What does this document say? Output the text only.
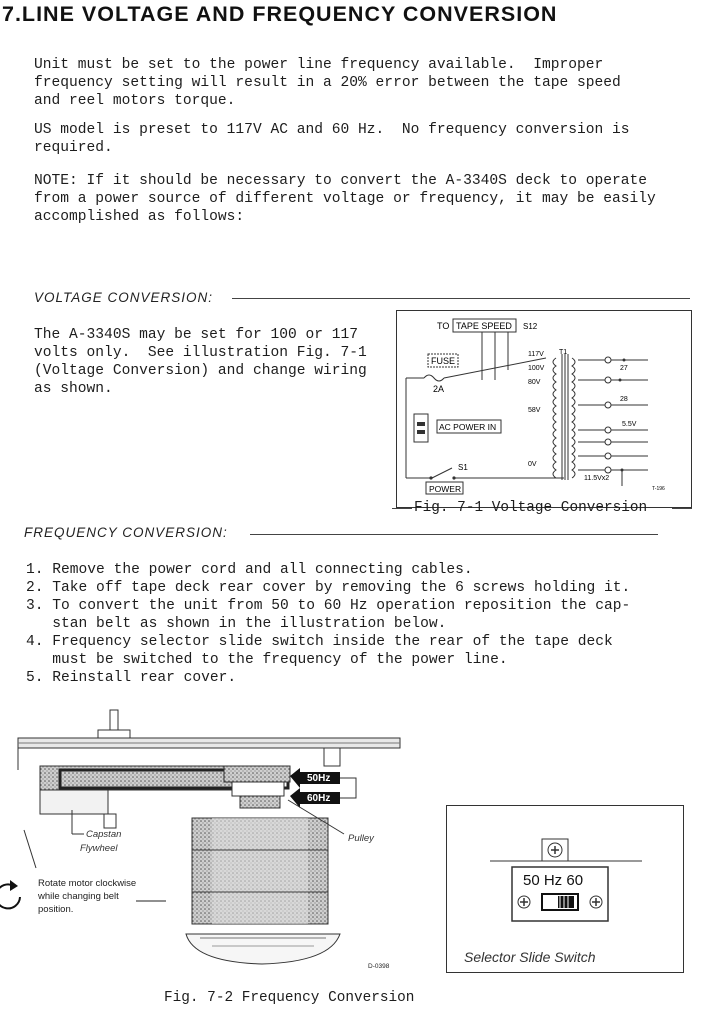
7.LINE VOLTAGE AND FREQUENCY CONVERSION

Unit must be set to the power line frequency available.  Improper
frequency setting will result in a 20% error between the tape speed
and reel motors torque.

US model is preset to 117V AC and 60 Hz.  No frequency conversion is
required.

NOTE: If it should be necessary to convert the A-3340S deck to operate
from a power source of different voltage or frequency, it may be easily
accomplished as follows:

VOLTAGE CONVERSION:

The A-3340S may be set for 100 or 117
volts only.  See illustration Fig. 7-1
(Voltage Conversion) and change wiring
as shown.

TO TAPE SPEED S12
FUSE
2A
AC POWER IN
S1
POWER
117V
100V
80V
58V
0V
T1
27
28
5.5V
11.5Vx2
T-196
Fig. 7-1 Voltage Conversion
FREQUENCY CONVERSION:
1. Remove the power cord and all connecting cables.
2. Take off tape deck rear cover by removing the 6 screws holding it.
3. To convert the unit from 50 to 60 Hz operation reposition the cap-
stan belt as shown in the illustration below.
4. Frequency selector slide switch inside the rear of the tape deck
must be switched to the frequency of the power line.
5. Reinstall rear cover.
50Hz
60Hz
Capstan
Flywheel
Pulley
Rotate motor clockwise
while changing belt
position.
D-0398
50 Hz 60
Selector Slide Switch
Fig. 7-2 Frequency Conversion
